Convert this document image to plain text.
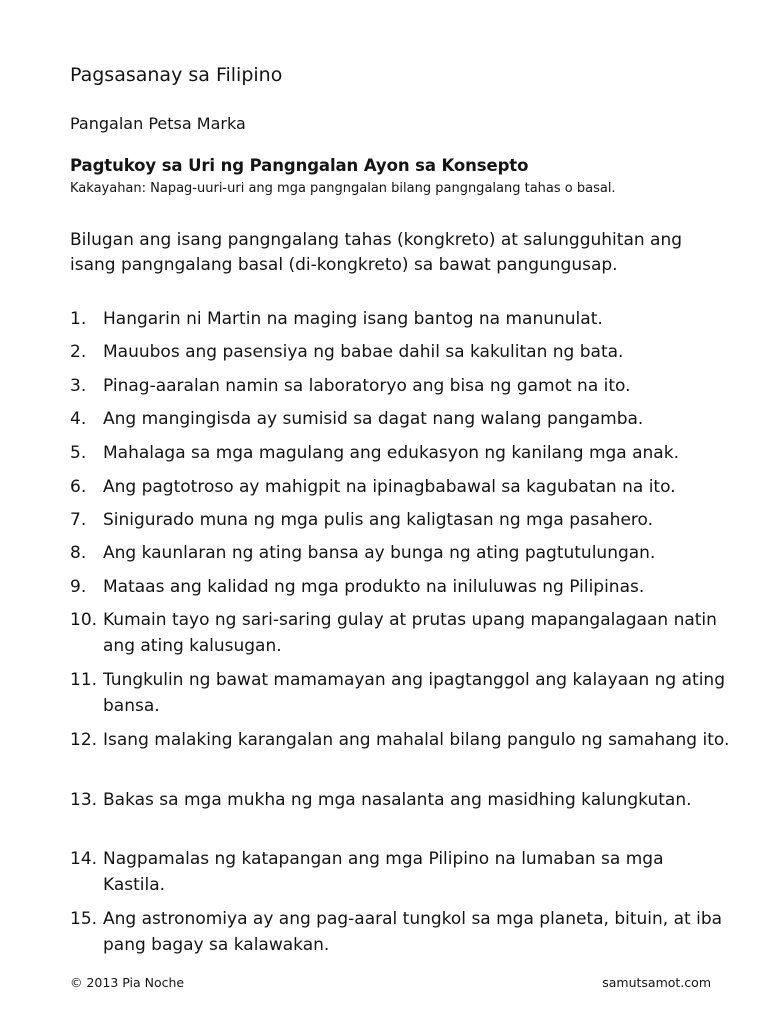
Pagsasanay sa Filipino
Pangalan Petsa Marka
Pagtukoy sa Uri ng Pangngalan Ayon sa Konsepto
Kakayahan: Napag-uuri-uri ang mga pangngalan bilang pangngalang tahas o basal.
Bilugan ang isang pangngalang tahas (kongkreto) at salungguhitan ang isang pangngalang basal (di-kongkreto) sa bawat pangungusap.
1. Hangarin ni Martin na maging isang bantog na manunulat.
2. Mauubos ang pasensiya ng babae dahil sa kakulitan ng bata.
3. Pinag-aaralan namin sa laboratoryo ang bisa ng gamot na ito.
4. Ang mangingisda ay sumisid sa dagat nang walang pangamba.
5. Mahalaga sa mga magulang ang edukasyon ng kanilang mga anak.
6. Ang pagtotroso ay mahigpit na ipinagbabawal sa kagubatan na ito.
7. Sinigurado muna ng mga pulis ang kaligtasan ng mga pasahero.
8. Ang kaunlaran ng ating bansa ay bunga ng ating pagtutulungan.
9. Mataas ang kalidad ng mga produkto na iniluluwas ng Pilipinas.
10. Kumain tayo ng sari-saring gulay at prutas upang mapangalagaan natin ang ating kalusugan.
11. Tungkulin ng bawat mamamayan ang ipagtanggol ang kalayaan ng ating bansa.
12. Isang malaking karangalan ang mahalal bilang pangulo ng samahang ito.
13. Bakas sa mga mukha ng mga nasalanta ang masidhing kalungkutan.
14. Nagpamalas ng katapangan ang mga Pilipino na lumaban sa mga Kastila.
15. Ang astronomiya ay ang pag-aaral tungkol sa mga planeta, bituin, at iba pang bagay sa kalawakan.
© 2013 Pia Noche	samutsamot.com
